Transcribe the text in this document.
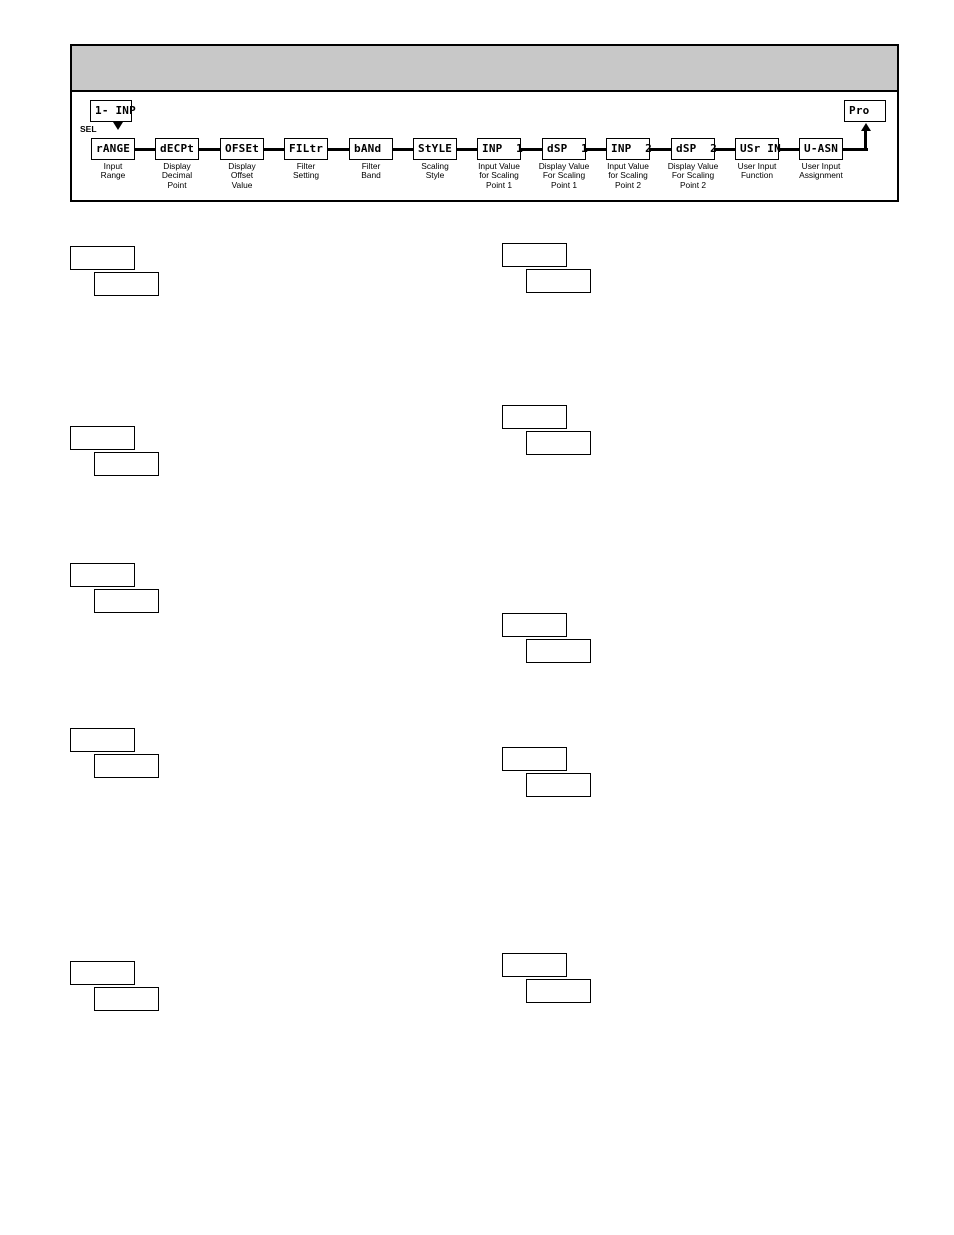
1- INP
SEL
Pro
rANGE
Input
Range
dECPt
Display
Decimal
Point
OFSEt
Display
Offset
Value
FILtr
Filter
Setting
bANd
Filter
Band
StYLE
Scaling
Style
INP  1
Input Value
for Scaling
Point 1
dSP  1
Display Value
For Scaling
Point 1
INP  2
Input Value
for Scaling
Point 2
dSP  2
Display Value
For Scaling
Point 2
USr IN
User Input
Function
U-ASN
User Input
Assignment
